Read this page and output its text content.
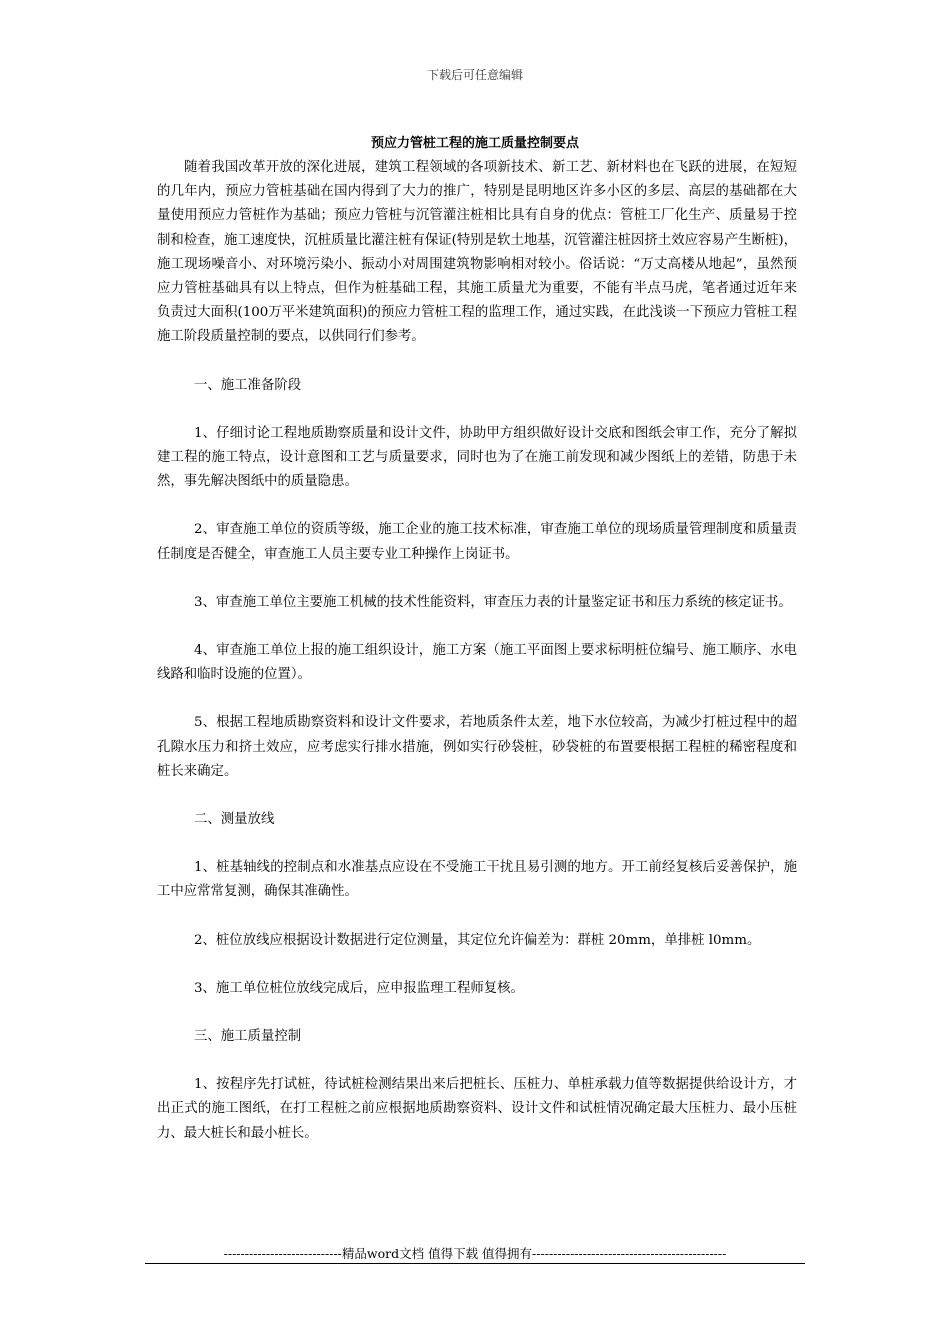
下载后可任意编辑
预应力管桩工程的施工质量控制要点

随着我国改革开放的深化进展，建筑工程领域的各项新技术、新工艺、新材料也在飞跃的进展，在短短的几年内，预应力管桩基础在国内得到了大力的推广，特别是昆明地区许多小区的多层、高层的基础都在大量使用预应力管桩作为基础；预应力管桩与沉管灌注桩相比具有自身的优点：管桩工厂化生产、质量易于控制和检查，施工速度快，沉桩质量比灌注桩有保证(特别是软土地基，沉管灌注桩因挤土效应容易产生断桩)，施工现场噪音小、对环境污染小、振动小对周围建筑物影响相对较小。俗话说：“万丈高楼从地起”，虽然预应力管桩基础具有以上特点，但作为桩基础工程，其施工质量尤为重要，不能有半点马虎，笔者通过近年来负责过大面积(100万平米建筑面积)的预应力管桩工程的监理工作，通过实践，在此浅谈一下预应力管桩工程施工阶段质量控制的要点，以供同行们参考。

一、施工准备阶段

1、仔细讨论工程地质勘察质量和设计文件，协助甲方组织做好设计交底和图纸会审工作，充分了解拟建工程的施工特点，设计意图和工艺与质量要求，同时也为了在施工前发现和减少图纸上的差错，防患于未然，事先解决图纸中的质量隐患。

2、审查施工单位的资质等级，施工企业的施工技术标准，审查施工单位的现场质量管理制度和质量责任制度是否健全，审查施工人员主要专业工种操作上岗证书。

3、审查施工单位主要施工机械的技术性能资料，审查压力表的计量鉴定证书和压力系统的核定证书。

4、审查施工单位上报的施工组织设计，施工方案（施工平面图上要求标明桩位编号、施工顺序、水电线路和临时设施的位置）。

5、根据工程地质勘察资料和设计文件要求，若地质条件太差，地下水位较高，为减少打桩过程中的超孔隙水压力和挤土效应，应考虑实行排水措施，例如实行砂袋桩，砂袋桩的布置要根据工程桩的稀密程度和桩长来确定。

二、测量放线

1、桩基轴线的控制点和水准基点应设在不受施工干扰且易引测的地方。开工前经复核后妥善保护，施工中应常常复测，确保其准确性。

2、桩位放线应根据设计数据进行定位测量，其定位允许偏差为：群桩 20mm，单排桩 l0mm。

3、施工单位桩位放线完成后，应申报监理工程师复核。

三、施工质量控制

1、按程序先打试桩，待试桩检测结果出来后把桩长、压桩力、单桩承载力值等数据提供给设计方，才出正式的施工图纸，在打工程桩之前应根据地质勘察资料、设计文件和试桩情况确定最大压桩力、最小压桩力、最大桩长和最小桩长。

----------------------------精品word文档 值得下载 值得拥有----------------------------------------------
